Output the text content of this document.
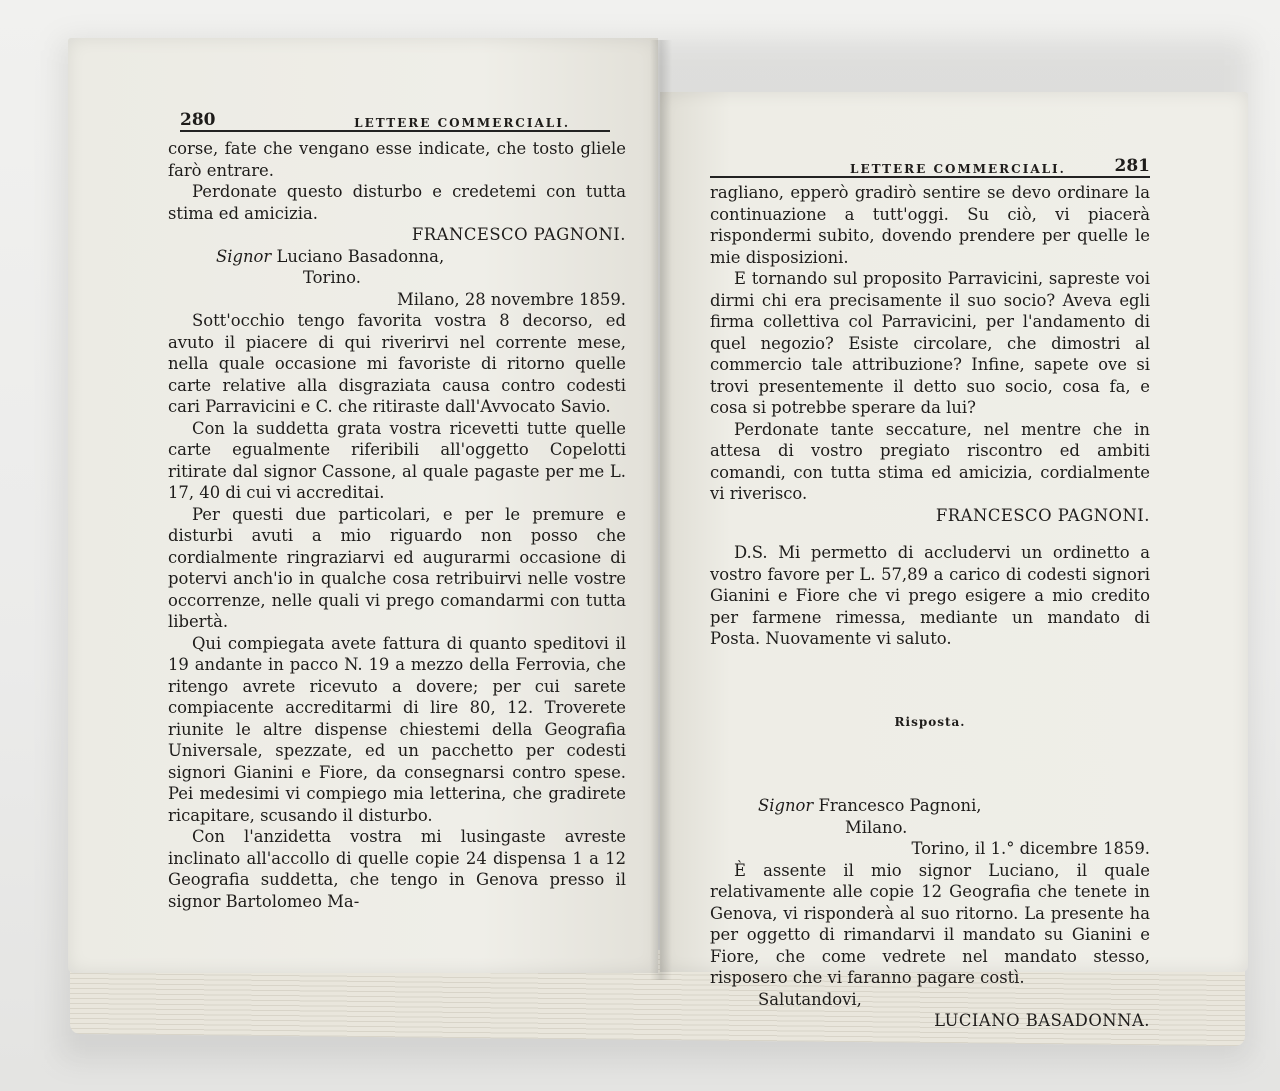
280	LETTERE COMMERCIALI.

corse, fate che vengano esse indicate, che tosto gliele farò entrare.

Perdonate questo disturbo e credetemi con tutta stima ed amicizia.

FRANCESCO PAGNONI.

Signor Luciano Basadonna,

Torino.

Milano, 28 novembre 1859.

Sott'occhio tengo favorita vostra 8 decorso, ed avuto il piacere di qui riverirvi nel corrente mese, nella quale occasione mi favoriste di ritorno quelle carte relative alla disgraziata causa contro codesti cari Parravicini e C. che ritiraste dall'Avvocato Savio.

Con la suddetta grata vostra ricevetti tutte quelle carte egualmente riferibili all'oggetto Copelotti ritirate dal signor Cassone, al quale pagaste per me L. 17, 40 di cui vi accreditai.

Per questi due particolari, e per le premure e disturbi avuti a mio riguardo non posso che cordialmente ringraziarvi ed augurarmi occasione di potervi anch'io in qualche cosa retribuirvi nelle vostre occorrenze, nelle quali vi prego comandarmi con tutta libertà.

Qui compiegata avete fattura di quanto speditovi il 19 andante in pacco N. 19 a mezzo della Ferrovia, che ritengo avrete ricevuto a dovere; per cui sarete compiacente accreditarmi di lire 80, 12. Troverete riunite le altre dispense chiestemi della Geografia Universale, spezzate, ed un pacchetto per codesti signori Gianini e Fiore, da consegnarsi contro spese. Pei medesimi vi compiego mia letterina, che gradirete ricapitare, scusando il disturbo.

Con l'anzidetta vostra mi lusingaste avreste inclinato all'accollo di quelle copie 24 dispensa 1 a 12 Geografia suddetta, che tengo in Genova presso il signor Bartolomeo Ma-

LETTERE COMMERCIALI.	281

ragliano, epperò gradirò sentire se devo ordinare la continuazione a tutt'oggi. Su ciò, vi piacerà rispondermi subito, dovendo prendere per quelle le mie disposizioni.

E tornando sul proposito Parravicini, sapreste voi dirmi chi era precisamente il suo socio? Aveva egli firma collettiva col Parravicini, per l'andamento di quel negozio? Esiste circolare, che dimostri al commercio tale attribuzione? Infine, sapete ove si trovi presentemente il detto suo socio, cosa fa, e cosa si potrebbe sperare da lui?

Perdonate tante seccature, nel mentre che in attesa di vostro pregiato riscontro ed ambiti comandi, con tutta stima ed amicizia, cordialmente vi riverisco.

FRANCESCO PAGNONI.

D.S. Mi permetto di accludervi un ordinetto a vostro favore per L. 57,89 a carico di codesti signori Gianini e Fiore che vi prego esigere a mio credito per farmene rimessa, mediante un mandato di Posta. Nuovamente vi saluto.

Risposta.

Signor Francesco Pagnoni,

Milano.

Torino, il 1.° dicembre 1859.

È assente il mio signor Luciano, il quale relativamente alle copie 12 Geografia che tenete in Genova, vi risponderà al suo ritorno. La presente ha per oggetto di rimandarvi il mandato su Gianini e Fiore, che come vedrete nel mandato stesso, risposero che vi faranno pagare costì.

Salutandovi,

LUCIANO BASADONNA.
